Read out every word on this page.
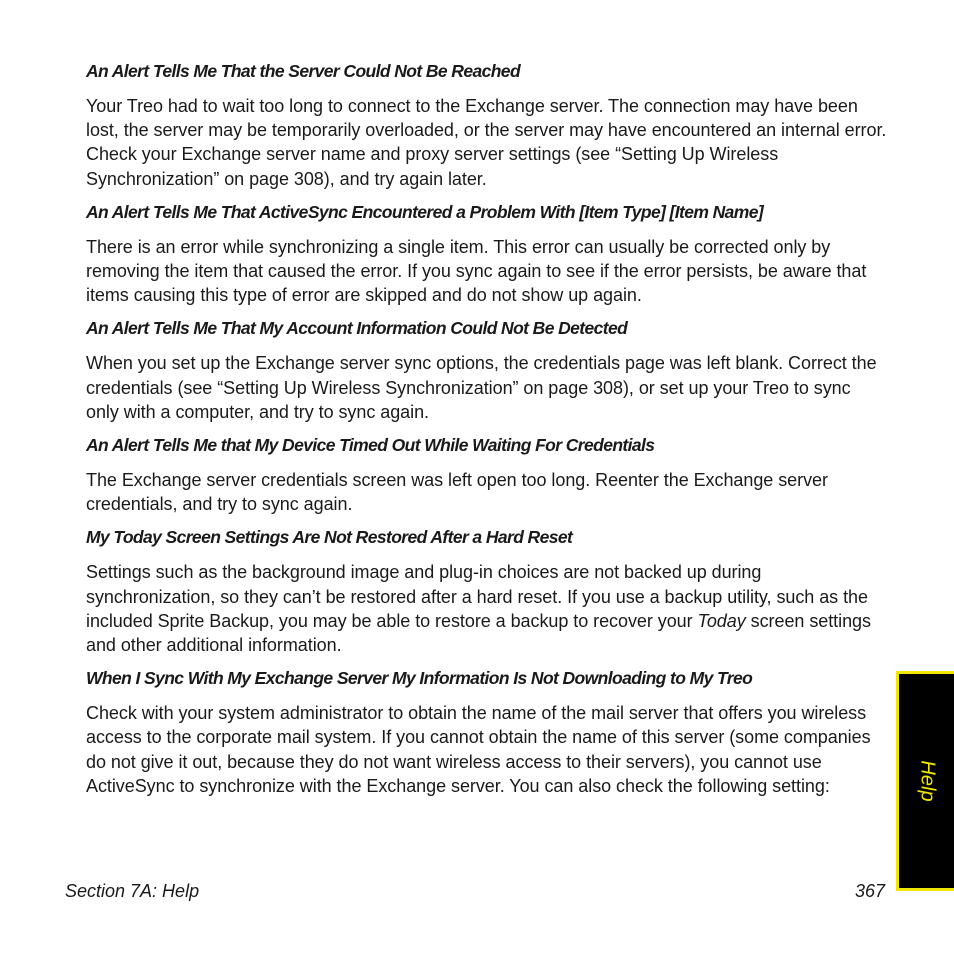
An Alert Tells Me That the Server Could Not Be Reached

Your Treo had to wait too long to connect to the Exchange server. The connection may have been lost, the server may be temporarily overloaded, or the server may have encountered an internal error. Check your Exchange server name and proxy server settings (see “Setting Up Wireless Synchronization” on page 308), and try again later.

An Alert Tells Me That ActiveSync Encountered a Problem With [Item Type] [Item Name]

There is an error while synchronizing a single item. This error can usually be corrected only by removing the item that caused the error. If you sync again to see if the error persists, be aware that items causing this type of error are skipped and do not show up again.

An Alert Tells Me That My Account Information Could Not Be Detected

When you set up the Exchange server sync options, the credentials page was left blank. Correct the credentials (see “Setting Up Wireless Synchronization” on page 308), or set up your Treo to sync only with a computer, and try to sync again.

An Alert Tells Me that My Device Timed Out While Waiting For Credentials

The Exchange server credentials screen was left open too long. Reenter the Exchange server credentials, and try to sync again.

My Today Screen Settings Are Not Restored After a Hard Reset

Settings such as the background image and plug-in choices are not backed up during synchronization, so they can’t be restored after a hard reset. If you use a backup utility, such as the included Sprite Backup, you may be able to restore a backup to recover your Today screen settings and other additional information.

When I Sync With My Exchange Server My Information Is Not Downloading to My Treo

Check with your system administrator to obtain the name of the mail server that offers you wireless access to the corporate mail system. If you cannot obtain the name of this server (some companies do not give it out, because they do not want wireless access to their servers), you cannot use ActiveSync to synchronize with the Exchange server. You can also check the following setting:

Section 7A: Help	367
Help
